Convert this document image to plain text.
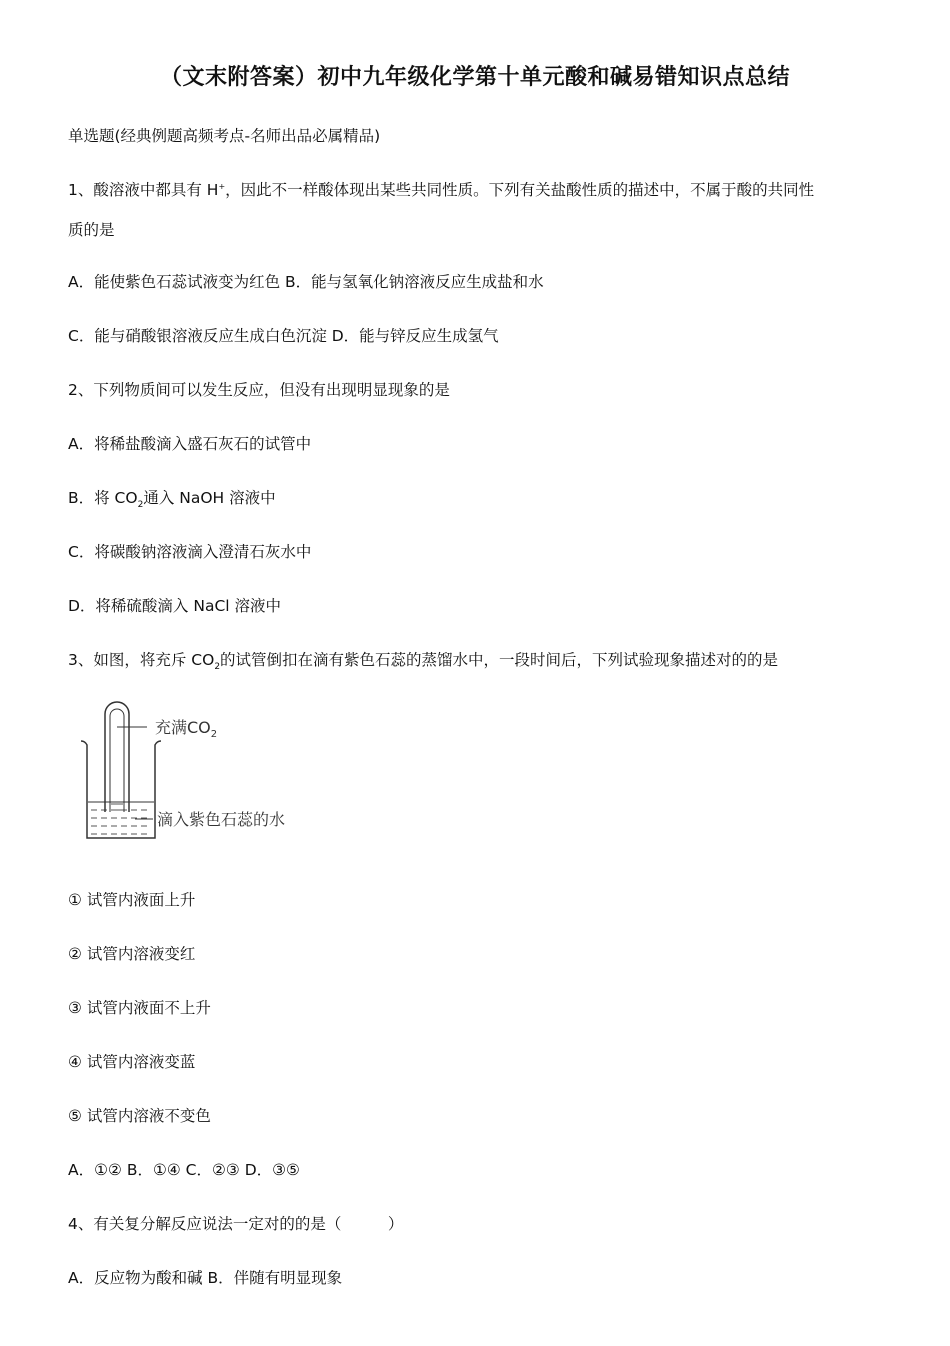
（文末附答案）初中九年级化学第十单元酸和碱易错知识点总结
单选题(经典例题高频考点-名师出品必属精品)
1、酸溶液中都具有 H+，因此不一样酸体现出某些共同性质。下列有关盐酸性质的描述中，不属于酸的共同性
质的是
A．能使紫色石蕊试液变为红色 B．能与氢氧化钠溶液反应生成盐和水
C．能与硝酸银溶液反应生成白色沉淀 D．能与锌反应生成氢气
2、下列物质间可以发生反应，但没有出现明显现象的是
A．将稀盐酸滴入盛石灰石的试管中
B．将 $CO_2$通入 NaOH 溶液中
C．将碳酸钠溶液滴入澄清石灰水中
D．将稀硫酸滴入 NaCl 溶液中
3、如图，将充斥 $CO_2$的试管倒扣在滴有紫色石蕊的蒸馏水中，一段时间后，下列试验现象描述对的的是
充满$CO_2$
滴入紫色石蕊的水
① 试管内液面上升
② 试管内溶液变红
③ 试管内液面不上升
④ 试管内溶液变蓝
⑤ 试管内溶液不变色
A．①② B．①④ C．②③ D．③⑤
4、有关复分解反应说法一定对的的是（　　　）
A．反应物为酸和碱 B．伴随有明显现象
